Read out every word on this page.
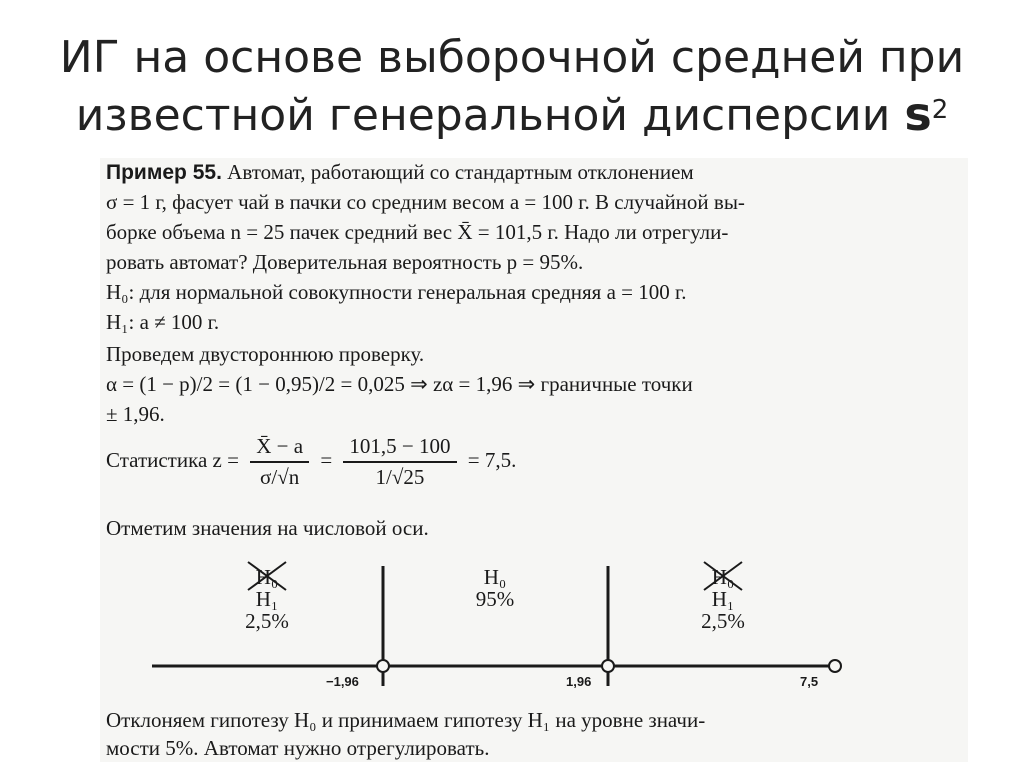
ИГ на основе выборочной средней при
известной генеральной дисперсии $s^2$
Пример 55. Автомат, работающий со стандартным отклонением
σ = 1 г, фасует чай в пачки со средним весом a = 100 г. В случайной вы-
борке объема n = 25 пачек средний вес X̄ = 101,5 г. Надо ли отрегули-
ровать автомат? Доверительная вероятность p = 95%.
H₀: для нормальной совокупности генеральная средняя a = 100 г.
H₁: a ≠ 100 г.
Проведем двустороннюю проверку.
α = (1 − p)/2 = (1 − 0,95)/2 = 0,025 ⇒ zα = 1,96 ⇒ граничные точки
± 1,96.
Статистика $z = \frac{X̄ - a}{\sigma/√n} = \frac{101,5 - 100}{1/√25} = 7,5$.
Отметим значения на числовой оси.
H₀
H₁
2,5%
H₀
95%
H₀
H₁
2,5%
−1,96	1,96	7,5
Отклоняем гипотезу H₀ и принимаем гипотезу H₁ на уровне значи-
мости 5%. Автомат нужно отрегулировать.
